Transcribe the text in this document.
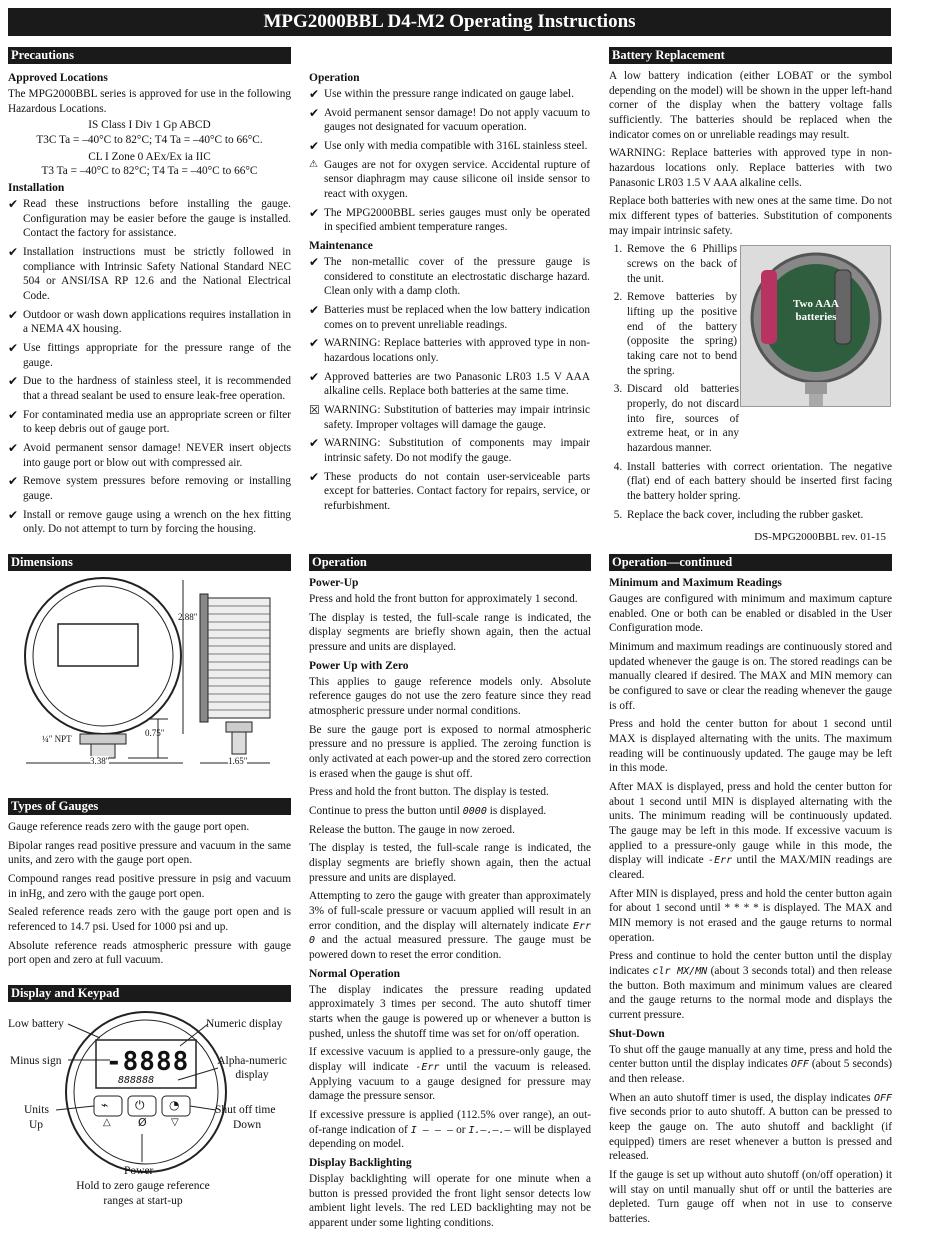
MPG2000BBL D4-M2 Operating Instructions
Precautions
Approved Locations

The MPG2000BBL series is approved for use in the following Hazardous Locations.

IS Class I Div 1 Gp ABCD

T3C Ta = –40°C to 82°C; T4 Ta = –40°C to 66°C.

CL I Zone 0 AEx/Ex ia IIC

T3 Ta = –40°C to 82°C; T4 Ta = –40°C to 66°C

Installation
✔ Read these instructions before installing the gauge. Configuration may be easier before the gauge is installed. Contact the factory for assistance.
✔ Installation instructions must be strictly followed in compliance with Intrinsic Safety National Standard NEC 504 or ANSI/ISA RP 12.6 and the National Electrical Code.
✔ Outdoor or wash down applications requires installation in a NEMA 4X housing.
✔ Use fittings appropriate for the pressure range of the gauge.
✔ Due to the hardness of stainless steel, it is recommended that a thread sealant be used to ensure leak-free operation.
✔ For contaminated media use an appropriate screen or filter to keep debris out of gauge port.
✔ Avoid permanent sensor damage! NEVER insert objects into gauge port or blow out with compressed air.
✔ Remove system pressures before removing or installing gauge.
✔ Install or remove gauge using a wrench on the hex fitting only. Do not attempt to turn by forcing the housing.
Operation
✔ Use within the pressure range indicated on gauge label.
✔ Avoid permanent sensor damage! Do not apply vacuum to gauges not designated for vacuum operation.
✔ Use only with media compatible with 316L stainless steel.
⚠ Gauges are not for oxygen service. Accidental rupture of sensor diaphragm may cause silicone oil inside sensor to react with oxygen.
✔ The MPG2000BBL series gauges must only be operated in specified ambient temperature ranges.
Maintenance
✔ The non-metallic cover of the pressure gauge is considered to constitute an electrostatic discharge hazard. Clean only with a damp cloth.
✔ Batteries must be replaced when the low battery indication comes on to prevent unreliable readings.
✔ WARNING: Replace batteries with approved type in non-hazardous locations only.
✔ Approved batteries are two Panasonic LR03 1.5 V AAA alkaline cells. Replace both batteries at the same time.
☒ WARNING: Substitution of batteries may impair intrinsic safety. Improper voltages will damage the gauge.
✔ WARNING: Substitution of components may impair intrinsic safety. Do not modify the gauge.
✔ These products do not contain user-serviceable parts except for batteries. Contact factory for repairs, service, or refurbishment.
Battery Replacement

A low battery indication (either LOBAT or the symbol depending on the model) will be shown in the upper left-hand corner of the display when the battery voltage falls sufficiently. The batteries should be replaced when the indicator comes on or unreliable readings may result.

WARNING: Replace batteries with approved type in non-hazardous locations only. Replace batteries with two Panasonic LR03 1.5 V AAA alkaline cells.

Replace both batteries with new ones at the same time. Do not mix different types of batteries. Substitution of components may impair intrinsic safety.

1. Remove the 6 Phillips screws on the back of the unit.
2. Remove batteries by lifting up the positive end of the battery (opposite the spring) taking care not to bend the spring.
3. Discard old batteries properly, do not discard into fire, sources of extreme heat, or in any hazardous manner.
4. Install batteries with correct orientation. The negative (flat) end of each battery should be inserted first facing the battery holder spring.
5. Replace the back cover, including the rubber gasket.
Two AAA batteries
DS-MPG2000BBL rev. 01-15
Dimensions
2.88"
0.75"
¼" NPT
3.38"	1.65"
Types of Gauges

Gauge reference reads zero with the gauge port open.

Bipolar ranges read positive pressure and vacuum in the same units, and zero with the gauge port open.

Compound ranges read positive pressure in psig and vacuum in inHg, and zero with the gauge port open.

Sealed reference reads zero with the gauge port open and is referenced to 14.7 psi. Used for 1000 psi and up.

Absolute reference reads atmospheric pressure with gauge port open and zero at full vacuum.

Display and Keypad
-8888
888888
⌁ ⏻ ◔
△ Ø ▽
Low battery	Numeric display
Minus sign	Alpha-numeric display
Units
Up
Shut off time
Down
Power
Hold to zero gauge reference
ranges at start-up
Operation
Power-Up

Press and hold the front button for approximately 1 second.

The display is tested, the full-scale range is indicated, the display segments are briefly shown again, then the actual pressure and units are displayed.

Power Up with Zero

This applies to gauge reference models only. Absolute reference gauges do not use the zero feature since they read atmospheric pressure under normal conditions.

Be sure the gauge port is exposed to normal atmospheric pressure and no pressure is applied. The zeroing function is only activated at each power-up and the stored zero correction is erased when the gauge is shut off.

Press and hold the front button. The display is tested.

Continue to press the button until 0000 is displayed.

Release the button. The gauge in now zeroed.

The display is tested, the full-scale range is indicated, the display segments are briefly shown again, then the actual pressure and units are displayed.

Attempting to zero the gauge with greater than approximately 3% of full-scale pressure or vacuum applied will result in an error condition, and the display will alternately indicate Err 0 and the actual measured pressure. The gauge must be powered down to reset the error condition.

Normal Operation

The display indicates the pressure reading updated approximately 3 times per second. The auto shutoff timer starts when the gauge is powered up or whenever a button is pushed, unless the shutoff time was set for on/off operation.

If excessive vacuum is applied to a pressure-only gauge, the display will indicate -Err until the vacuum is released. Applying vacuum to a gauge designed for pressure may damage the pressure sensor.

If excessive pressure is applied (112.5% over range), an out-of-range indication of I – – – or I.–.–.– will be displayed depending on model.

Display Backlighting

Display backlighting will operate for one minute when a button is pressed provided the front light sensor detects low ambient light levels. The red LED backlighting may not be apparent under some lighting conditions.

Operation—continued
Minimum and Maximum Readings

Gauges are configured with minimum and maximum capture enabled. One or both can be enabled or disabled in the User Configuration mode.

Minimum and maximum readings are continuously stored and updated whenever the gauge is on. The stored readings can be manually cleared if desired. The MAX and MIN memory can be configured to save or clear the reading whenever the gauge is off.

Press and hold the center button for about 1 second until MAX is displayed alternating with the units. The maximum reading will be continuously updated. The gauge may be left in this mode.

After MAX is displayed, press and hold the center button for about 1 second until MIN is displayed alternating with the units. The minimum reading will be continuously updated. The gauge may be left in this mode. If excessive vacuum is applied to a pressure-only gauge while in this mode, the display will indicate -Err until the MAX/MIN readings are cleared.

After MIN is displayed, press and hold the center button again for about 1 second until * * * * is displayed. The MAX and MIN memory is not erased and the gauge returns to normal operation.

Press and continue to hold the center button until the display indicates clr MX/MN (about 3 seconds total) and then release the button. Both maximum and minimum values are cleared and the gauge returns to the normal mode and displays the current pressure.

Shut-Down

To shut off the gauge manually at any time, press and hold the center button until the display indicates OFF (about 5 seconds) and then release.

When an auto shutoff timer is used, the display indicates OFF five seconds prior to auto shutoff. A button can be pressed to keep the gauge on. The auto shutoff and backlight (if equipped) timers are reset whenever a button is pressed and released.

If the gauge is set up without auto shutoff (on/off operation) it will stay on until manually shut off or until the batteries are depleted. Turn gauge off when not in use to conserve batteries.
